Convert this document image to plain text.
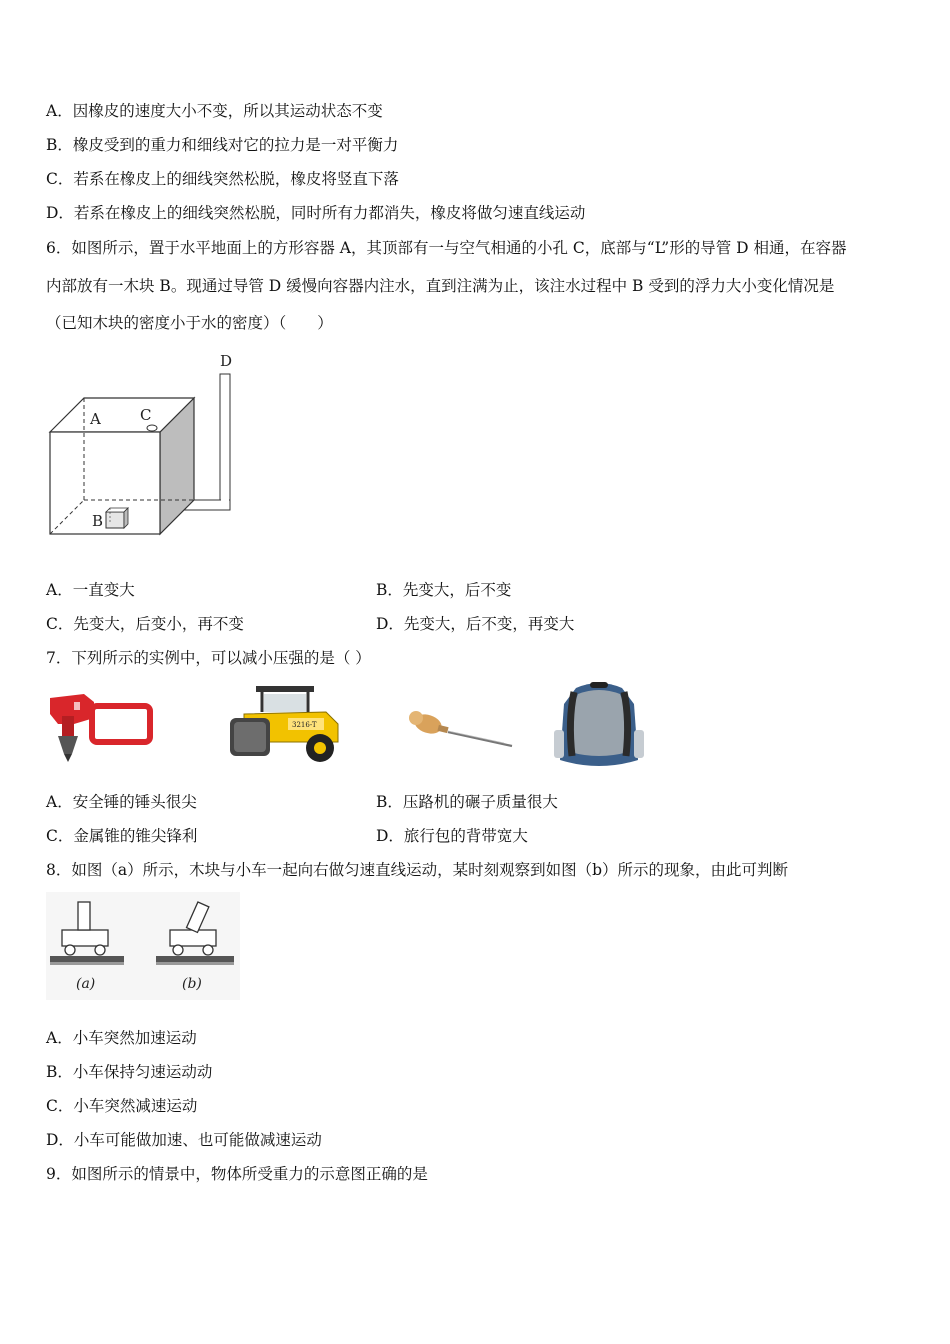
A．因橡皮的速度大小不变，所以其运动状态不变
B．橡皮受到的重力和细线对它的拉力是一对平衡力
C．若系在橡皮上的细线突然松脱，橡皮将竖直下落
D．若系在橡皮上的细线突然松脱，同时所有力都消失，橡皮将做匀速直线运动
6．如图所示，置于水平地面上的方形容器 A，其顶部有一与空气相通的小孔 C，底部与“L”形的导管 D 相通，在容器
内部放有一木块 B。现通过导管 D 缓慢向容器内注水，直到注满为止，该注水过程中 B 受到的浮力大小变化情况是
（已知木块的密度小于水的密度）（　　）
D
A	C
B
A．一直变大	B．先变大，后不变
C．先变大，后变小，再不变	D．先变大，后不变，再变大
7．下列所示的实例中，可以减小压强的是（ ）
3216-T
A．安全锤的锤头很尖	B．压路机的碾子质量很大
C．金属锥的锥尖锋利	D．旅行包的背带宽大
8．如图（a）所示，木块与小车一起向右做匀速直线运动，某时刻观察到如图（b）所示的现象，由此可判断
(a)	(b)
A．小车突然加速运动
B．小车保持匀速运动动
C．小车突然减速运动
D．小车可能做加速、也可能做减速运动
9．如图所示的情景中，物体所受重力的示意图正确的是
